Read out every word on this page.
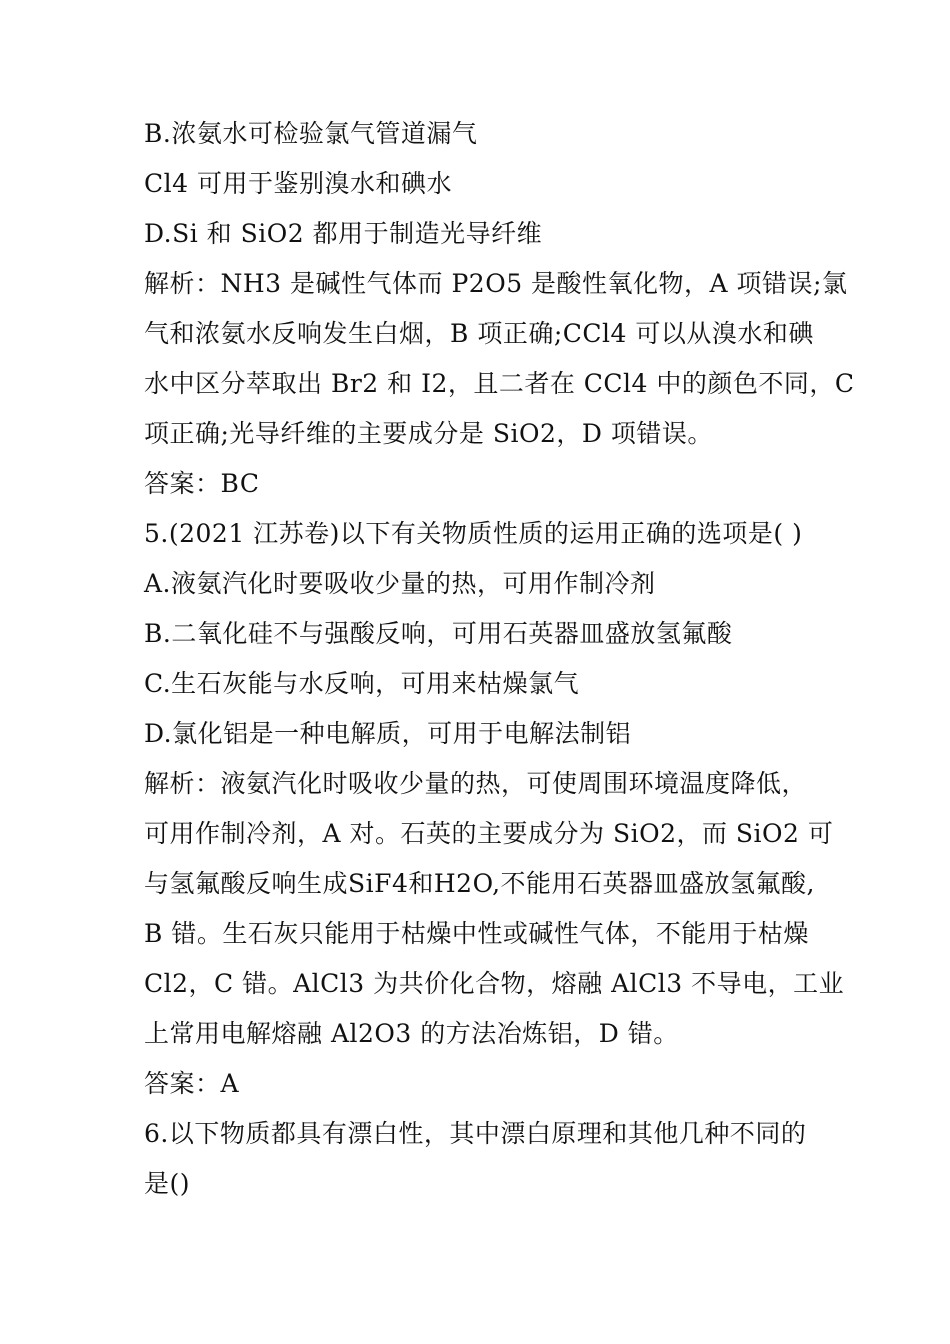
B.浓氨水可检验氯气管道漏气
Cl4 可用于鉴别溴水和碘水
D.Si 和 SiO2 都用于制造光导纤维
解析：NH3 是碱性气体而 P2O5 是酸性氧化物，A 项错误;氯
气和浓氨水反响发生白烟，B 项正确;CCl4 可以从溴水和碘
水中区分萃取出 Br2 和 I2，且二者在 CCl4 中的颜色不同，C
项正确;光导纤维的主要成分是 SiO2，D 项错误。
答案：BC
5.(2021 江苏卷)以下有关物质性质的运用正确的选项是( )
A.液氨汽化时要吸收少量的热，可用作制冷剂
B.二氧化硅不与强酸反响，可用石英器皿盛放氢氟酸
C.生石灰能与水反响，可用来枯燥氯气
D.氯化铝是一种电解质，可用于电解法制铝
解析：液氨汽化时吸收少量的热，可使周围环境温度降低，
可用作制冷剂，A 对。石英的主要成分为 SiO2，而 SiO2 可
与氢氟酸反响生成SiF4和H2O,不能用石英器皿盛放氢氟酸,
B 错。生石灰只能用于枯燥中性或碱性气体，不能用于枯燥
Cl2，C 错。AlCl3 为共价化合物，熔融 AlCl3 不导电，工业
上常用电解熔融 Al2O3 的方法冶炼铝，D 错。
答案：A
6.以下物质都具有漂白性，其中漂白原理和其他几种不同的
是()
